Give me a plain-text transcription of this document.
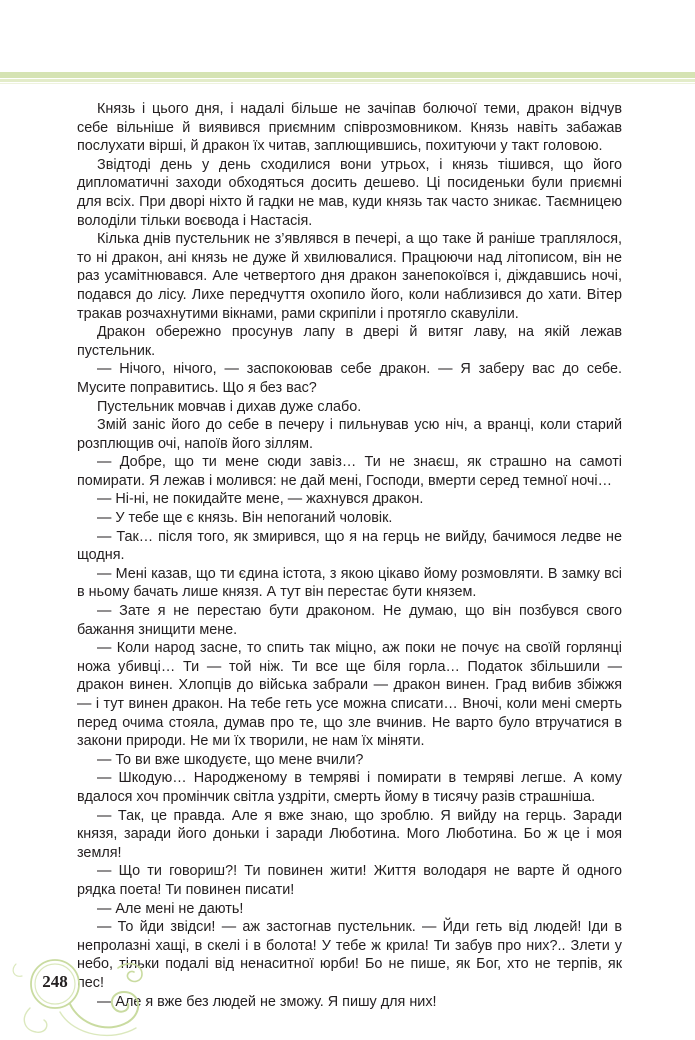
Князь і цього дня, і надалі більше не зачіпав болючої теми, дракон відчув себе вільніше й виявився приємним співрозмовником. Князь навіть забажав послухати вірші, й дракон їх читав, заплющившись, похитуючи у такт головою.

Звідтоді день у день сходилися вони утрьох, і князь тішився, що його дипломатичні заходи обходяться досить дешево. Ці посиденьки були приємні для всіх. При дворі ніхто й гадки не мав, куди князь так часто зникає. Таємницею володіли тільки воєвода і Настасія.

Кілька днів пустельник не з’являвся в печері, а що таке й раніше траплялося, то ні дракон, ані князь не дуже й хвилювалися. Працюючи над літописом, він не раз усамітнювався. Але четвертого дня дракон занепокоївся і, діждавшись ночі, подався до лісу. Лихе передчуття охопило його, коли наблизився до хати. Вітер тракав розчахнутими вікнами, рами скрипіли і протягло скавуліли.

Дракон обережно просунув лапу в двері й витяг лаву, на якій лежав пустельник.

— Нічого, нічого, — заспокоював себе дракон. — Я заберу вас до себе. Мусите поправитись. Що я без вас?

Пустельник мовчав і дихав дуже слабо.

Змій заніс його до себе в печеру і пильнував усю ніч, а вранці, коли старий розплющив очі, напоїв його зіллям.

— Добре, що ти мене сюди завіз… Ти не знаєш, як страшно на самоті помирати. Я лежав і молився: не дай мені, Господи, вмерти серед темної ночі…

— Ні-ні, не покидайте мене, — жахнувся дракон.

— У тебе ще є князь. Він непоганий чоловік.

— Так… після того, як змирився, що я на герць не вийду, бачимося ледве не щодня.

— Мені казав, що ти єдина істота, з якою цікаво йому розмовляти. В замку всі в ньому бачать лише князя. А тут він перестає бути князем.

— Зате я не перестаю бути драконом. Не думаю, що він позбувся свого бажання знищити мене.

— Коли народ засне, то спить так міцно, аж поки не почує на своїй горлянці ножа убивці… Ти — той ніж. Ти все ще біля горла… Податок збільшили — дракон винен. Хлопців до війська забрали — дракон винен. Град вибив збіжжя — і тут винен дракон. На тебе геть усе можна списати… Вночі, коли мені смерть перед очима стояла, думав про те, що зле вчинив. Не варто було втручатися в закони природи. Не ми їх творили, не нам їх міняти.

— То ви вже шкодуєте, що мене вчили?

— Шкодую… Народженому в темряві і помирати в темряві легше. А кому вдалося хоч промінчик світла уздріти, смерть йому в тисячу разів страшніша.

— Так, це правда. Але я вже знаю, що зроблю. Я вийду на герць. Заради князя, заради його доньки і заради Люботина. Мого Люботина. Бо ж це і моя земля!

— Що ти говориш?! Ти повинен жити! Життя володаря не варте й одного рядка поета! Ти повинен писати!

— Але мені не дають!

— То йди звідси! — аж застогнав пустельник. — Йди геть від людей! Іди в непролазні хащі, в скелі і в болота! У тебе ж крила! Ти забув про них?.. Злети у небо, тільки подалі від ненаситної юрби! Бо не пише, як Бог, хто не терпів, як пес!

— Але я вже без людей не зможу. Я пишу для них!

248
